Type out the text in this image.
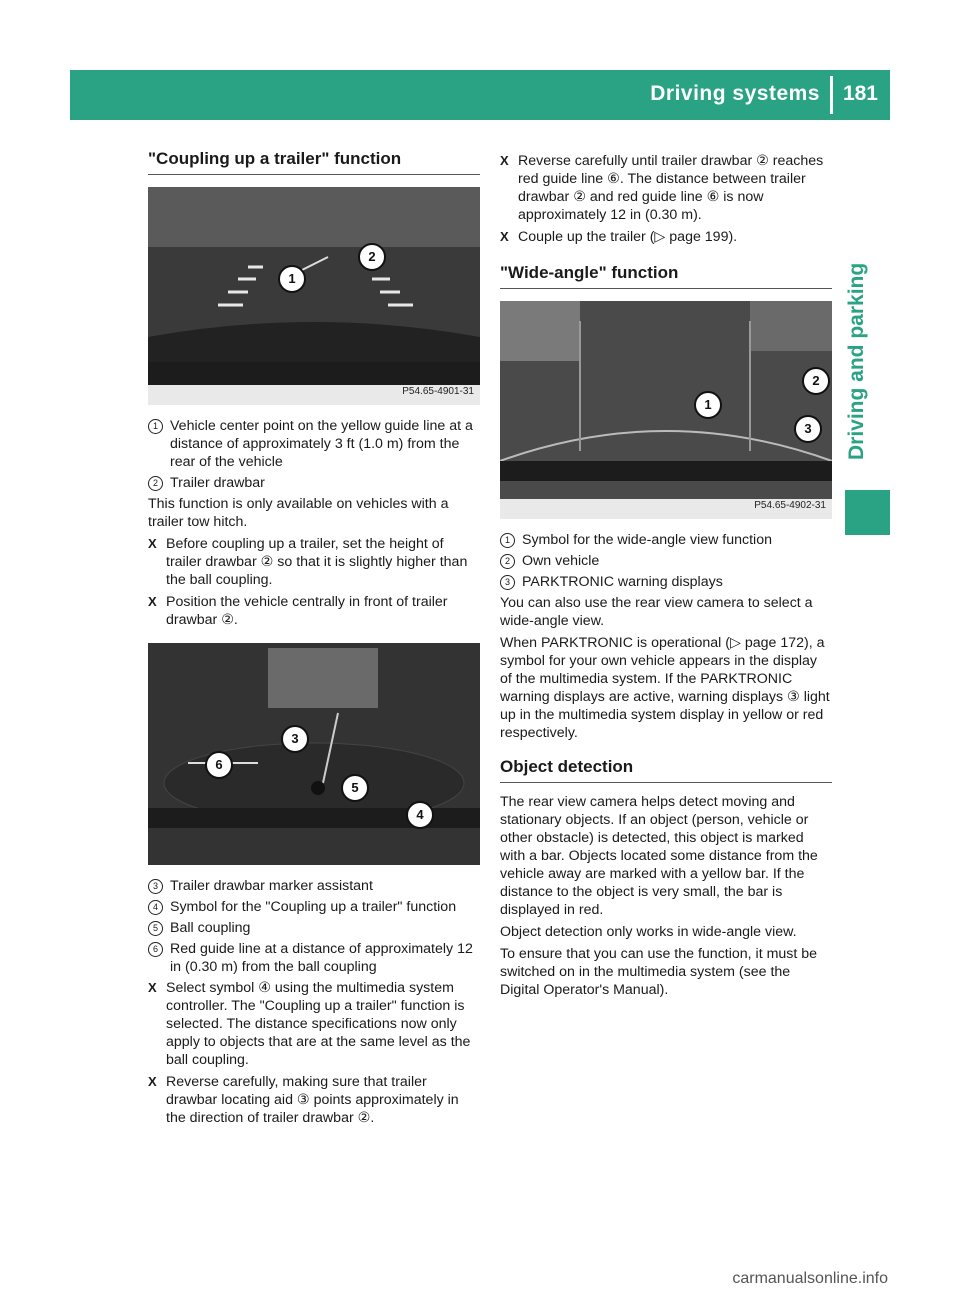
Driving systems 181
Driving and parking
"Coupling up a trailer" function
1
2
P54.65-4901-31
1 Vehicle center point on the yellow guide line at a distance of approximately 3 ft (1.0 m) from the rear of the vehicle
2 Trailer drawbar

This function is only available on vehicles with a trailer tow hitch.

X Before coupling up a trailer, set the height of trailer drawbar ② so that it is slightly higher than the ball coupling.
X Position the vehicle centrally in front of trailer drawbar ②.
3
6
5
4
3 Trailer drawbar marker assistant
4 Symbol for the "Coupling up a trailer" function
5 Ball coupling
6 Red guide line at a distance of approximately 12 in (0.30 m) from the ball coupling
X Select symbol ④ using the multimedia system controller. The "Coupling up a trailer" function is selected. The distance specifications now only apply to objects that are at the same level as the ball coupling.
X Reverse carefully, making sure that trailer drawbar locating aid ③ points approximately in the direction of trailer drawbar ②.
X Reverse carefully until trailer drawbar ② reaches red guide line ⑥. The distance between trailer drawbar ② and red guide line ⑥ is now approximately 12 in (0.30 m).
X Couple up the trailer (▷ page 199).
"Wide-angle" function
1
2
3
P54.65-4902-31
1 Symbol for the wide-angle view function
2 Own vehicle
3 PARKTRONIC warning displays

You can also use the rear view camera to select a wide-angle view.

When PARKTRONIC is operational (▷ page 172), a symbol for your own vehicle appears in the display of the multimedia system. If the PARKTRONIC warning displays are active, warning displays ③ light up in the multimedia system display in yellow or red respectively.

Object detection

The rear view camera helps detect moving and stationary objects. If an object (person, vehicle or other obstacle) is detected, this object is marked with a bar. Objects located some distance from the vehicle away are marked with a yellow bar. If the distance to the object is very small, the bar is displayed in red.

Object detection only works in wide-angle view.

To ensure that you can use the function, it must be switched on in the multimedia system (see the Digital Operator's Manual).

carmanualsonline.info
